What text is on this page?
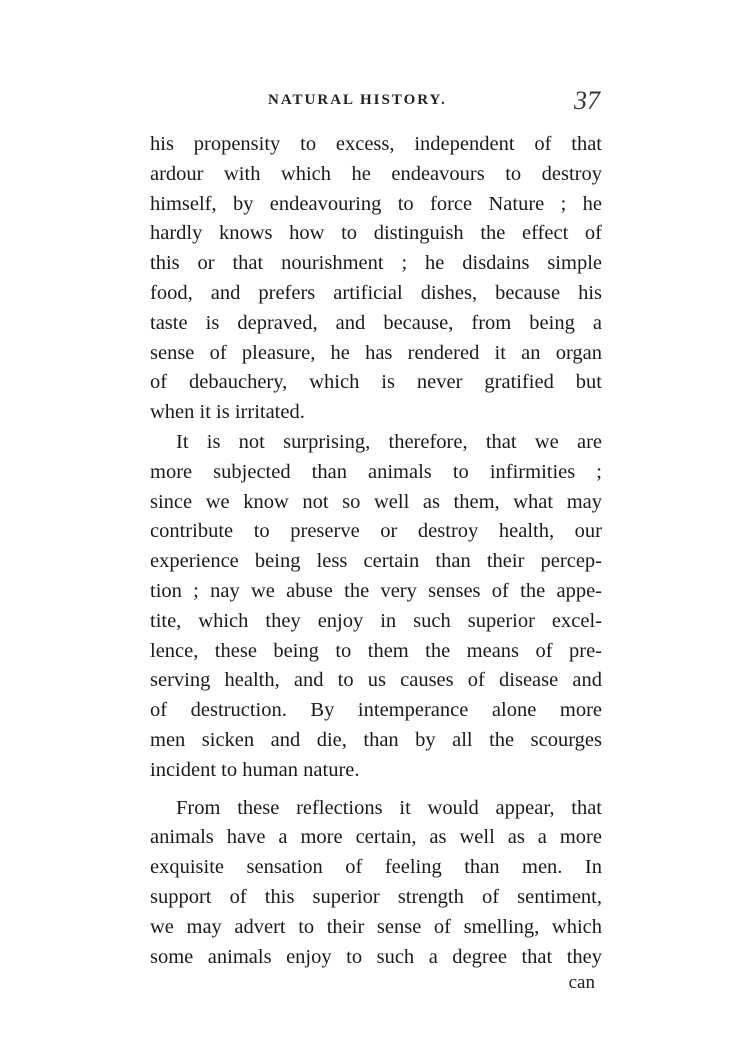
NATURAL HISTORY.	37
his propensity to excess, independent of that
ardour with which he endeavours to destroy
himself, by endeavouring to force Nature ; he
hardly knows how to distinguish the effect of
this or that nourishment ; he disdains simple
food, and prefers artificial dishes, because his
taste is depraved, and because, from being a
sense of pleasure, he has rendered it an organ
of debauchery, which is never gratified but
when it is irritated.
It is not surprising, therefore, that we are
more subjected than animals to infirmities ;
since we know not so well as them, what may
contribute to preserve or destroy health, our
experience being less certain than their percep-
tion ; nay we abuse the very senses of the appe-
tite, which they enjoy in such superior excel-
lence, these being to them the means of pre-
serving health, and to us causes of disease and
of destruction. By intemperance alone more
men sicken and die, than by all the scourges
incident to human nature.
From these reflections it would appear, that
animals have a more certain, as well as a more
exquisite sensation of feeling than men. In
support of this superior strength of sentiment,
we may advert to their sense of smelling, which
some animals enjoy to such a degree that they
can
